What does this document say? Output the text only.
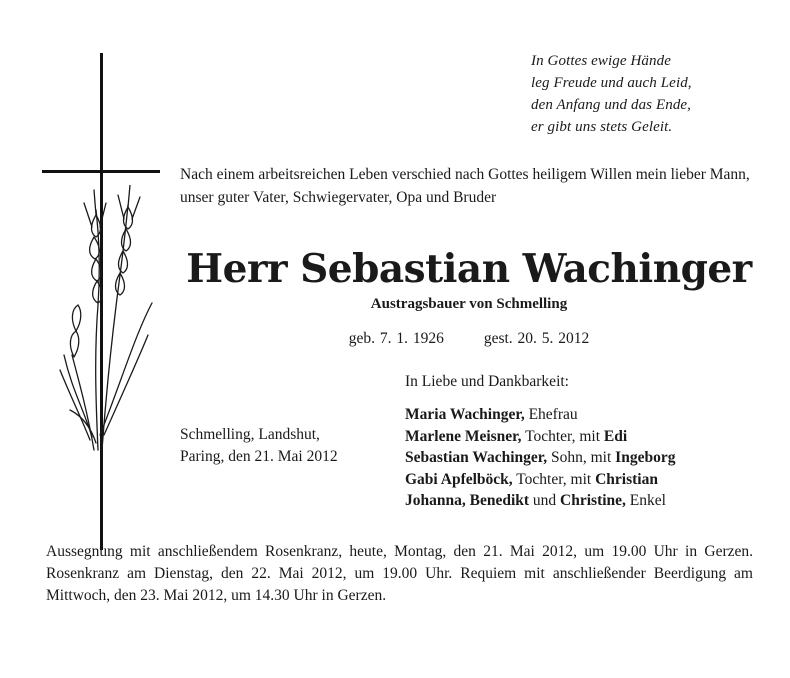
In Gottes ewige Hände
leg Freude und auch Leid,
den Anfang und das Ende,
er gibt uns stets Geleit.
Nach einem arbeitsreichen Leben verschied nach Gottes heiligem Willen mein lieber Mann, unser guter Vater, Schwiegervater, Opa und Bruder
Herr Sebastian Wachinger
Austragsbauer von Schmelling
geb. 7. 1. 1926	gest. 20. 5. 2012
In Liebe und Dankbarkeit:
Schmelling, Landshut,
Paring, den 21. Mai 2012
Maria Wachinger, Ehefrau
Marlene Meisner, Tochter, mit Edi
Sebastian Wachinger, Sohn, mit Ingeborg
Gabi Apfelböck, Tochter, mit Christian
Johanna, Benedikt und Christine, Enkel
Aussegnung mit anschließendem Rosenkranz, heute, Montag, den 21. Mai 2012, um 19.00 Uhr in Gerzen. Rosenkranz am Dienstag, den 22. Mai 2012, um 19.00 Uhr. Requiem mit anschließender Beerdigung am Mittwoch, den 23. Mai 2012, um 14.30 Uhr in Gerzen.
